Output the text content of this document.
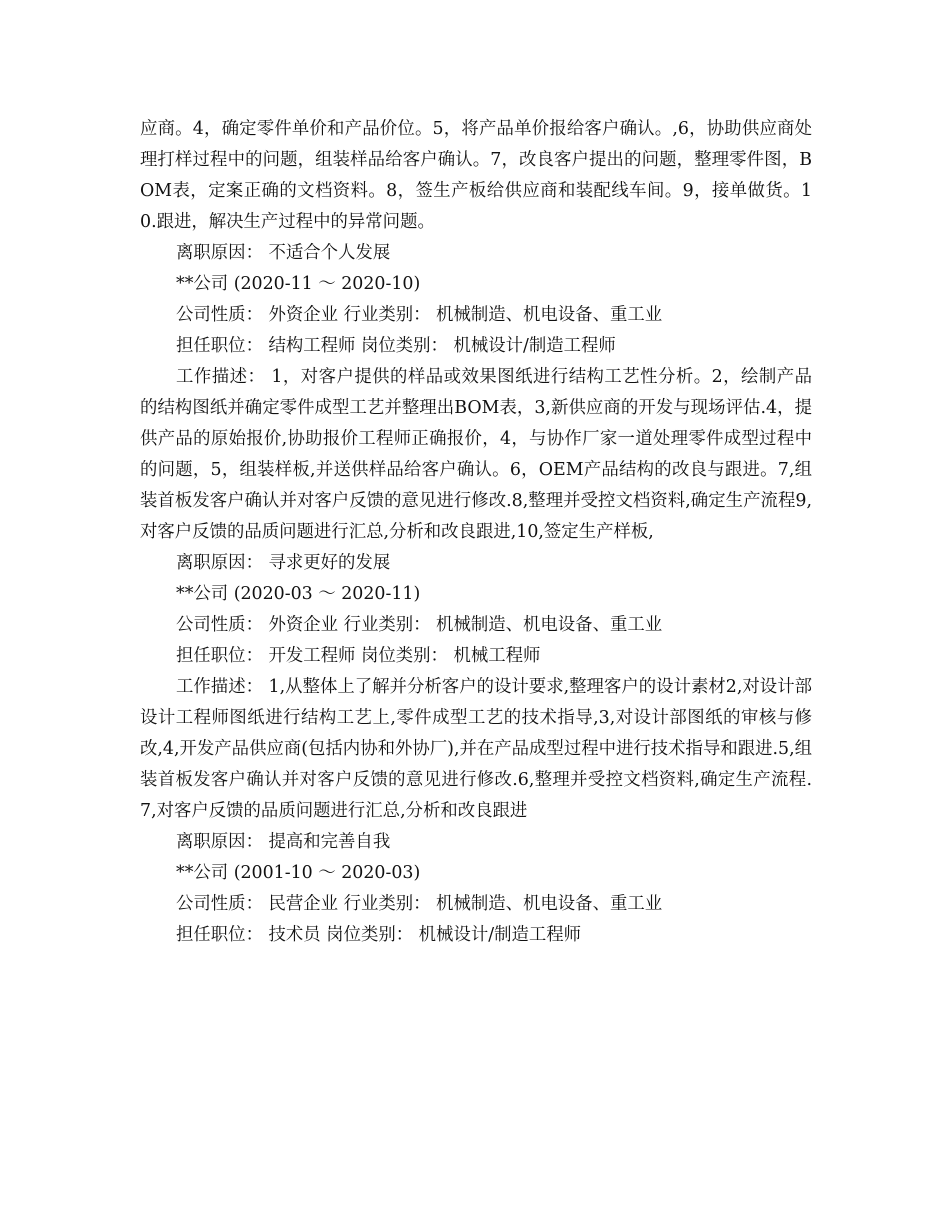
应商。4，确定零件单价和产品价位。5，将产品单价报给客户确认。,6，协助供应商处理打样过程中的问题，组装样品给客户确认。7，改良客户提出的问题，整理零件图，BOM表，定案正确的文档资料。8，签生产板给供应商和装配线车间。9，接单做货。10.跟进，解决生产过程中的异常问题。

离职原因： 不适合个人发展

**公司 (2020-11 ～ 2020-10)

公司性质： 外资企业 行业类别： 机械制造、机电设备、重工业

担任职位： 结构工程师 岗位类别： 机械设计/制造工程师

工作描述： 1，对客户提供的样品或效果图纸进行结构工艺性分析。2，绘制产品的结构图纸并确定零件成型工艺并整理出BOM表，3,新供应商的开发与现场评估.4，提供产品的原始报价,协助报价工程师正确报价，4，与协作厂家一道处理零件成型过程中的问题，5，组装样板,并送供样品给客户确认。6，OEM产品结构的改良与跟进。7,组装首板发客户确认并对客户反馈的意见进行修改.8,整理并受控文档资料,确定生产流程9,对客户反馈的品质问题进行汇总,分析和改良跟进,10,签定生产样板,

离职原因： 寻求更好的发展

**公司 (2020-03 ～ 2020-11)

公司性质： 外资企业 行业类别： 机械制造、机电设备、重工业

担任职位： 开发工程师 岗位类别： 机械工程师

工作描述： 1,从整体上了解并分析客户的设计要求,整理客户的设计素材2,对设计部设计工程师图纸进行结构工艺上,零件成型工艺的技术指导,3,对设计部图纸的审核与修改,4,开发产品供应商(包括内协和外协厂),并在产品成型过程中进行技术指导和跟进.5,组装首板发客户确认并对客户反馈的意见进行修改.6,整理并受控文档资料,确定生产流程.7,对客户反馈的品质问题进行汇总,分析和改良跟进

离职原因： 提高和完善自我

**公司 (2001-10 ～ 2020-03)

公司性质： 民营企业 行业类别： 机械制造、机电设备、重工业

担任职位： 技术员 岗位类别： 机械设计/制造工程师
